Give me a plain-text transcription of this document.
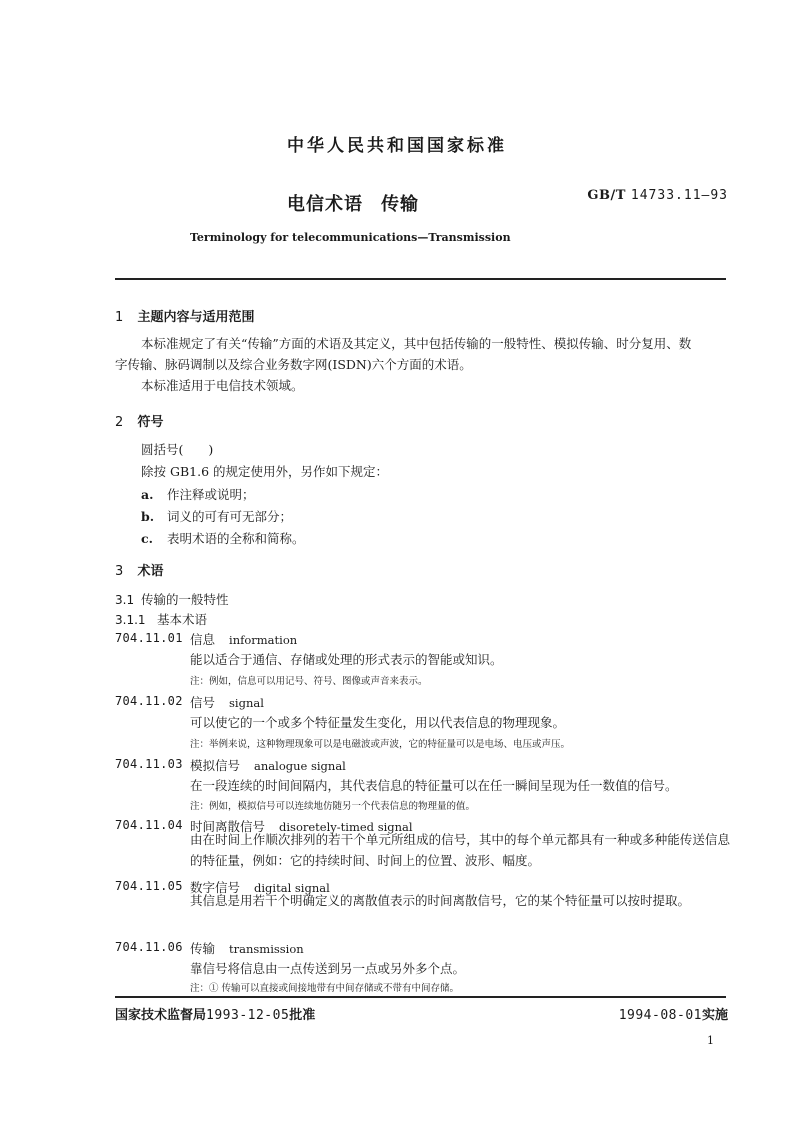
中华人民共和国国家标准
电信术语 传输	GB/T 14733.11—93
Terminology for telecommunications—Transmission
1 主题内容与适用范围
本标准规定了有关“传输”方面的术语及其定义，其中包括传输的一般特性、模拟传输、时分复用、数
字传输、脉码调制以及综合业务数字网(ISDN)六个方面的术语。
本标准适用于电信技术领域。
2 符号
圆括号(　　)
除按 GB1.6 的规定使用外，另作如下规定：
a. 作注释或说明；
b. 词义的可有可无部分；
c. 表明术语的全称和简称。
3 术语
3.1 传输的一般特性
3.1.1 基本术语
704.11.01 信息 information
能以适合于通信、存储或处理的形式表示的智能或知识。
注：例如，信息可以用记号、符号、图像或声音来表示。
704.11.02 信号 signal
可以使它的一个或多个特征量发生变化，用以代表信息的物理现象。
注：举例来说，这种物理现象可以是电磁波或声波，它的特征量可以是电场、电压或声压。
704.11.03 模拟信号 analogue signal
在一段连续的时间间隔内，其代表信息的特征量可以在任一瞬间呈现为任一数值的信号。
注：例如，模拟信号可以连续地仿随另一个代表信息的物理量的值。
704.11.04 时间离散信号 disoretely-timed signal
由在时间上作顺次排列的若干个单元所组成的信号，其中的每个单元都具有一种或多种能传送信息的特征量，例如：它的持续时间、时间上的位置、波形、幅度。
704.11.05 数字信号 digital signal
其信息是用若干个明确定义的离散值表示的时间离散信号，它的某个特征量可以按时提取。
704.11.06 传输 transmission
靠信号将信息由一点传送到另一点或另外多个点。
注：① 传输可以直接或间接地带有中间存储或不带有中间存储。
国家技术监督局1993-12-05批准	1994-08-01实施
1
